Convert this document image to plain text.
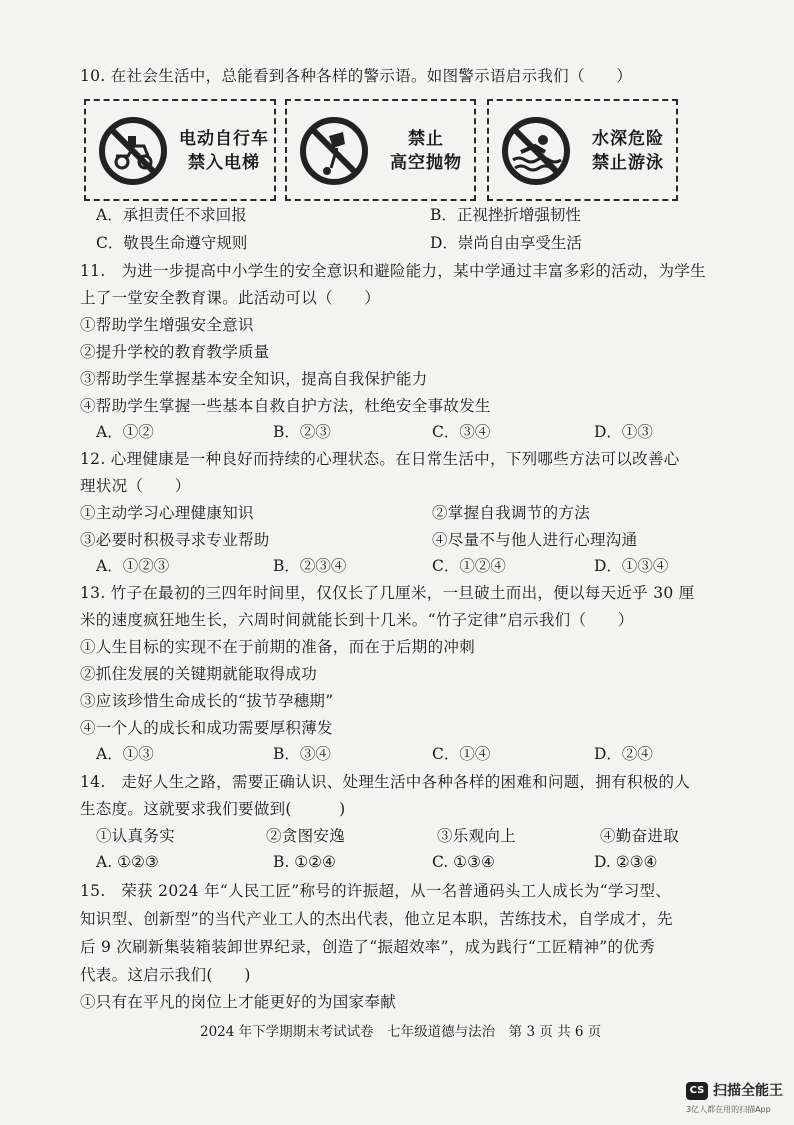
10. 在社会生活中，总能看到各种各样的警示语。如图警示语启示我们（　　）
电动自行车
禁入电梯
禁止
高空抛物
水深危险
禁止游泳
A．承担责任不求回报	B．正视挫折增强韧性
C．敬畏生命遵守规则	D．崇尚自由享受生活
11.　为进一步提高中小学生的安全意识和避险能力，某中学通过丰富多彩的活动，为学生
上了一堂安全教育课。此活动可以（　　）
①帮助学生增强安全意识
②提升学校的教育教学质量
③帮助学生掌握基本安全知识，提高自我保护能力
④帮助学生掌握一些基本自救自护方法，杜绝安全事故发生
A．①②	B．②③	C．③④	D．①③
12. 心理健康是一种良好而持续的心理状态。在日常生活中，下列哪些方法可以改善心
理状况（　　）
①主动学习心理健康知识	②掌握自我调节的方法
③必要时积极寻求专业帮助	④尽量不与他人进行心理沟通
A．①②③	B．②③④	C．①②④	D．①③④
13. 竹子在最初的三四年时间里，仅仅长了几厘米，一旦破土而出，便以每天近乎 30 厘
米的速度疯狂地生长，六周时间就能长到十几米。“竹子定律”启示我们（　　）
①人生目标的实现不在于前期的准备，而在于后期的冲刺
②抓住发展的关键期就能取得成功
③应该珍惜生命成长的“拔节孕穗期”
④一个人的成长和成功需要厚积薄发
A．①③	B．③④	C．①④	D．②④
14.　走好人生之路，需要正确认识、处理生活中各种各样的困难和问题，拥有积极的人
生态度。这就要求我们要做到(　　　)
①认真务实	②贪图安逸	③乐观向上	④勤奋进取
A. ①②③	B. ①②④	C. ①③④	D. ②③④
15.　荣获 2024 年“人民工匠”称号的许振超，从一名普通码头工人成长为“学习型、
知识型、创新型”的当代产业工人的杰出代表，他立足本职，苦练技术，自学成才，先
后 9 次刷新集装箱装卸世界纪录，创造了“振超效率”，成为践行“工匠精神”的优秀
代表。这启示我们(　　)
①只有在平凡的岗位上才能更好的为国家奉献
2024 年下学期期末考试试卷　七年级道德与法治　第 3 页 共 6 页
CS 扫描全能王
3亿人都在用的扫描App
